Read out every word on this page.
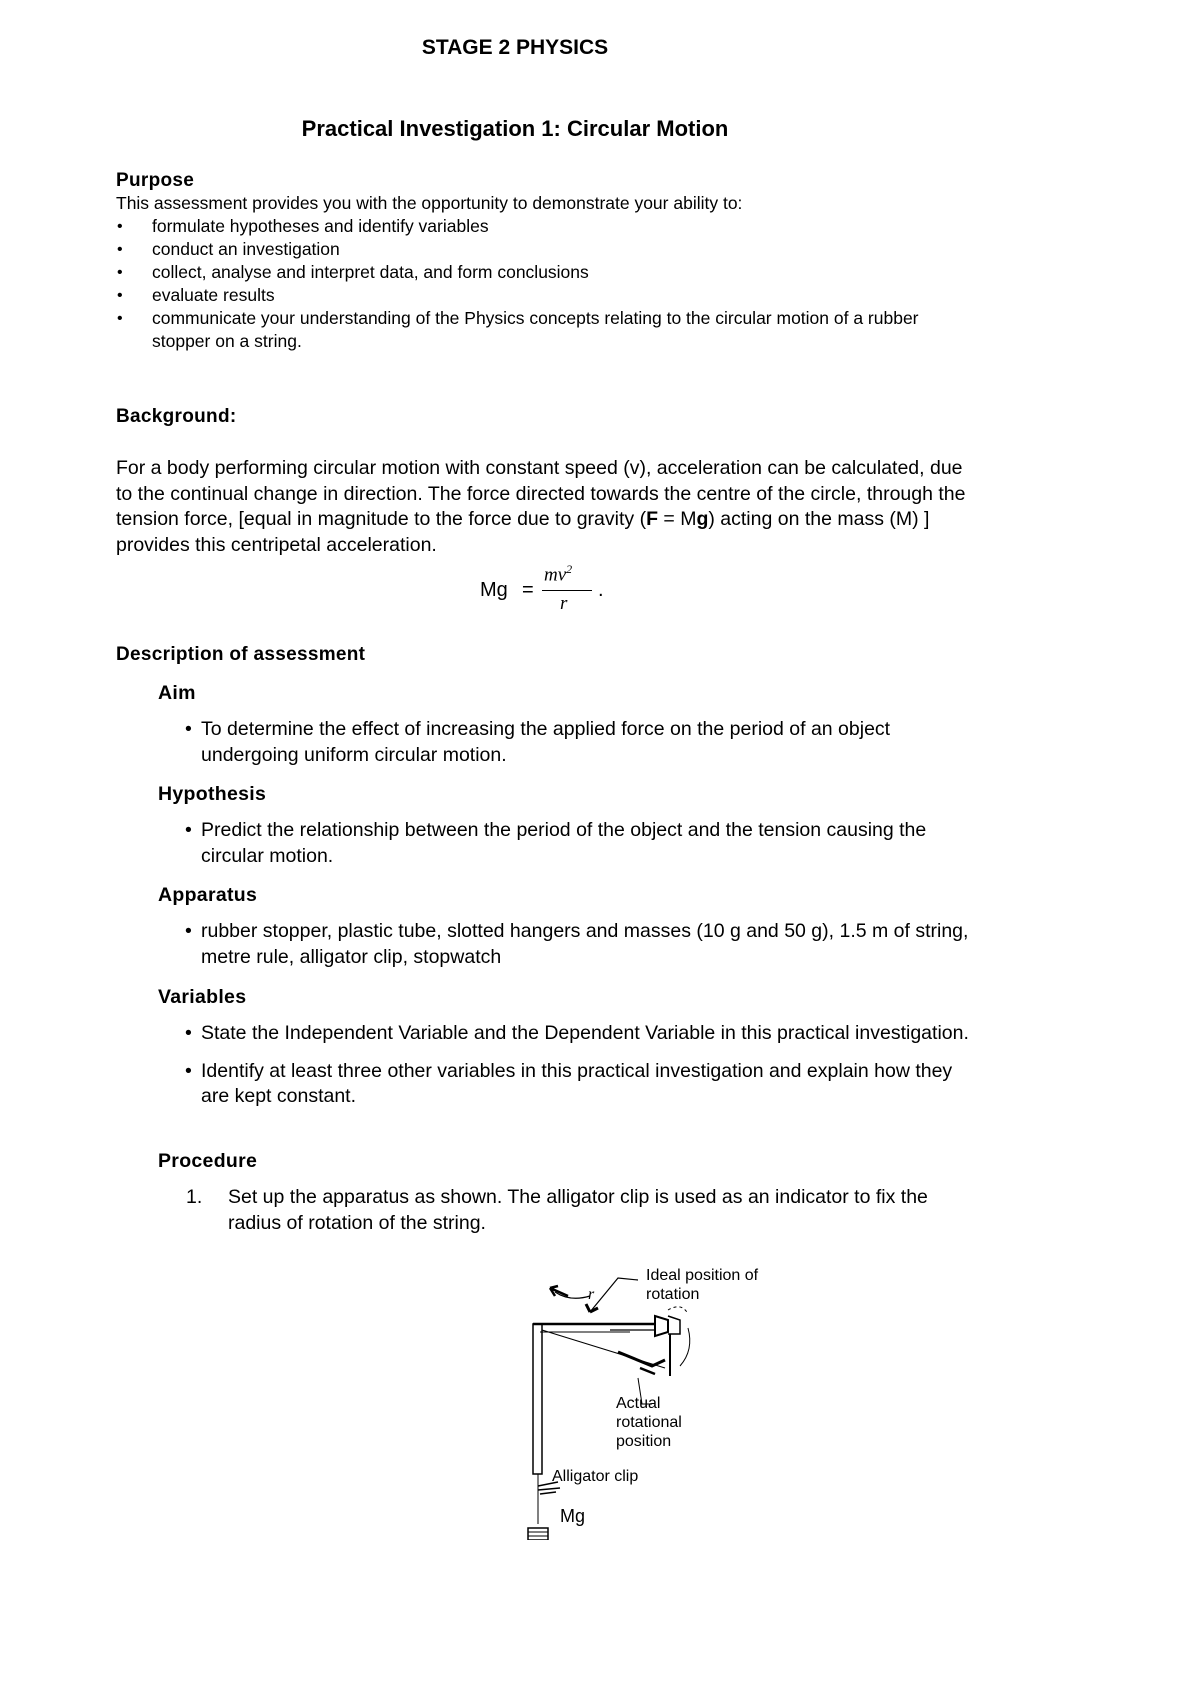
STAGE 2 PHYSICS
Practical Investigation 1: Circular Motion
Purpose
This assessment provides you with the opportunity to demonstrate your ability to:
• formulate hypotheses and identify variables
• conduct an investigation
• collect, analyse and interpret data, and form conclusions
• evaluate results
• communicate your understanding of the Physics concepts relating to the circular motion of a rubber stopper on a string.
Background:
For a body performing circular motion with constant speed (v), acceleration can be calculated, due to the continual change in direction. The force directed towards the centre of the circle, through the tension force, [equal in magnitude to the force due to gravity (F = Mg) acting on the mass (M) ] provides this centripetal acceleration.
Mg =
$mv^2$
r
.
Description of assessment
Aim
• To determine the effect of increasing the applied force on the period of an object undergoing uniform circular motion.
Hypothesis
• Predict the relationship between the period of the object and the tension causing the circular motion.
Apparatus
• rubber stopper, plastic tube, slotted hangers and masses (10 g and 50 g), 1.5 m of string, metre rule, alligator clip, stopwatch
Variables
• State the Independent Variable and the Dependent Variable in this practical investigation.
• Identify at least three other variables in this practical investigation and explain how they are kept constant.
Procedure
1. Set up the apparatus as shown. The alligator clip is used as an indicator to fix the radius of rotation of the string.
Ideal position of
rotation
Actual
rotational
position
Alligator clip
Mg
r
